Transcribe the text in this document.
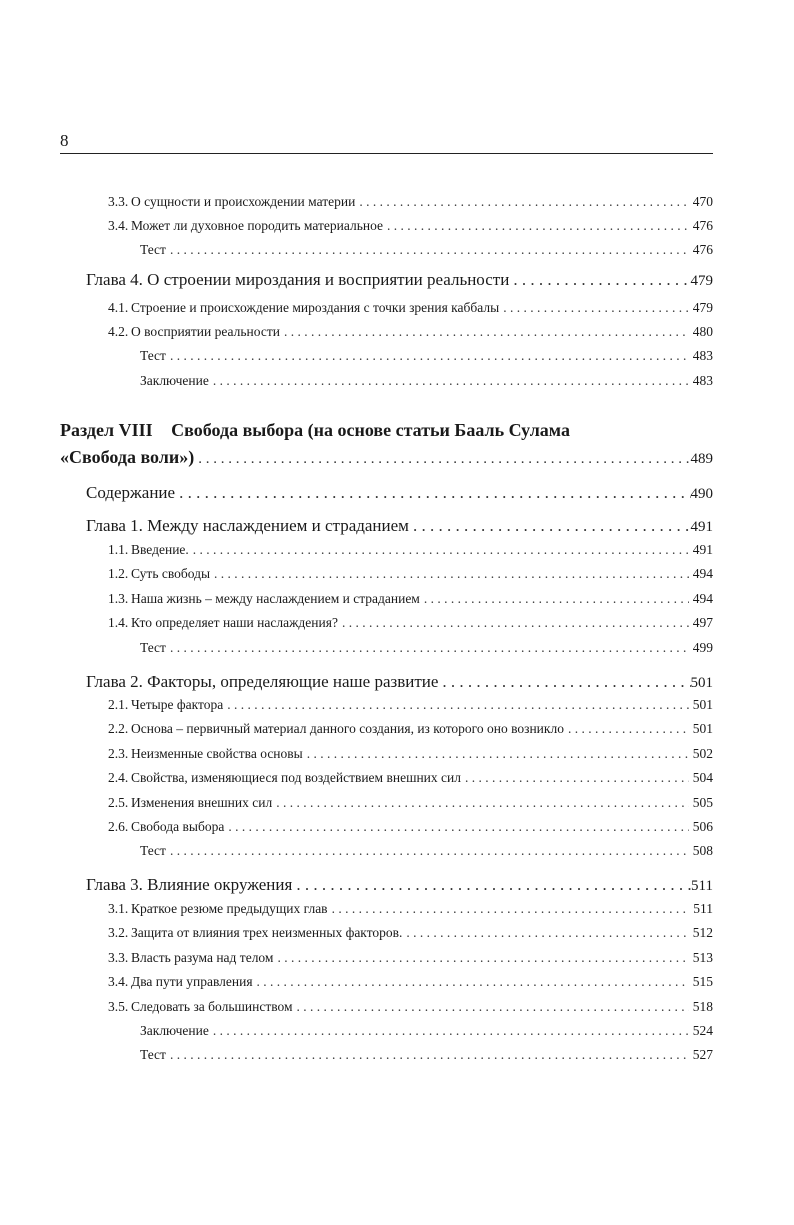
8
3.3. О сущности и происхождении материи . . .	470
3.4. Может ли духовное породить материальное . . .	476
Тест . . .	476
Глава 4. О строении мироздания и восприятии реальности . . .	479
4.1. Строение и происхождение мироздания с точки зрения каббалы . . .	479
4.2. О восприятии реальности . . .	480
Тест . . .	483
Заключение . . .	483
Раздел VIII Свобода выбора (на основе статьи Бааль Сулама
«Свобода воли») . . .	489
Содержание . . .	490
Глава 1. Между наслаждением и страданием . . .	491
1.1. Введение. . . .	491
1.2. Суть свободы . . .	494
1.3. Наша жизнь – между наслаждением и страданием . . .	494
1.4. Кто определяет наши наслаждения? . . .	497
Тест . . .	499
Глава 2. Факторы, определяющие наше развитие . . .	501
2.1. Четыре фактора . . .	501
2.2. Основа – первичный материал данного создания, из которого оно возникло . . .	501
2.3. Неизменные свойства основы . . .	502
2.4. Свойства, изменяющиеся под воздействием внешних сил . . .	504
2.5. Изменения внешних сил . . .	505
2.6. Свобода выбора . . .	506
Тест . . .	508
Глава 3. Влияние окружения . . .	511
3.1. Краткое резюме предыдущих глав . . .	511
3.2. Защита от влияния трех неизменных факторов. . . .	512
3.3. Власть разума над телом . . .	513
3.4. Два пути управления . . .	515
3.5. Следовать за большинством . . .	518
Заключение . . .	524
Тест . . .	527
